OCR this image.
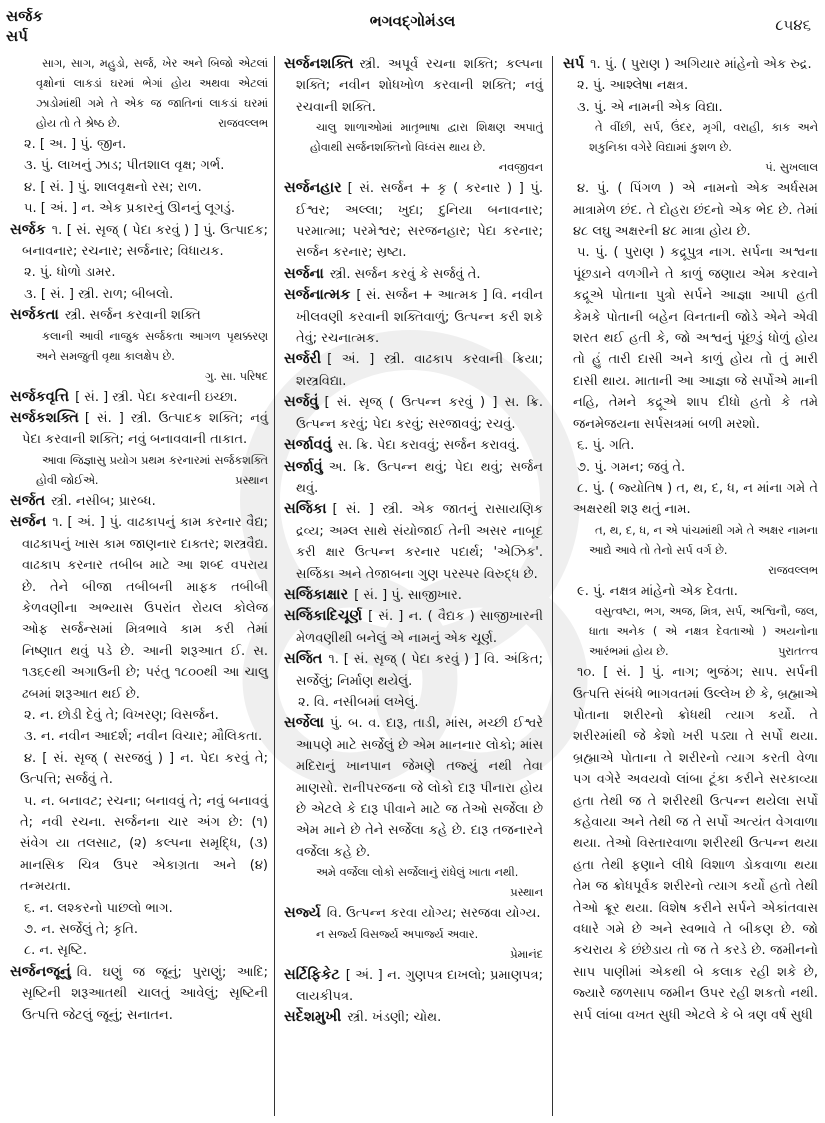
સર્જક
સર્પ
ભગવદ્ગોમંડલ	૮૫૪૬
સાગ, સાગ, મહુડો, સર્જ, ખેર અને બિજો એટલાં વૃક્ષોનાં લાકડાં ઘરમાં ભેગાં હોય અથવા એટલાં ઝાડોમાંથી ગમે તે એક જ જાતિનાં લાકડાં ઘરમાં હોય તો તે શ્રેષ્ઠ છે.	રાજવલ્લભ
૨. [ અ. ] પું. જીન.
૩. પું. લાખનું ઝાડ; પીતશાલ વૃક્ષ; ગર્ભ.
૪. [ સં. ] પું. શાલવૃક્ષનો રસ; રાળ.
૫. [ અં. ] ન. એક પ્રકારનું ઊનનું લૂગડું.
સર્જક ૧. [ સં. સૃજ્ ( પેદા કરવું ) ] પું. ઉત્પાદક; બનાવનાર; રચનાર; સર્જનાર; વિધાયક.
૨. પું. ધોળો ડામર.
૩. [ સં. ] સ્ત્રી. રાળ; બીબલો.
સર્જકતા સ્ત્રી. સર્જન કરવાની શક્તિ
કલાની આવી નાજુક સર્જકતા આગળ પૃથક્કરણ અને સમજુતી વૃથા કાલક્ષેપ છે.
ગુ. સા. પરિષદ
સર્જકવૃત્તિ [ સં. ] સ્ત્રી. પેદા કરવાની ઇચ્છા.
સર્જકશક્તિ [ સં. ] સ્ત્રી. ઉત્પાદક શક્તિ; નવું પેદા કરવાની શક્તિ; નવું બનાવવાની તાકાત.
આવા જિજ્ઞાસુ પ્રયોગ પ્રથમ કરનારમાં સર્જકશક્તિ હોવી જોઈએ.	પ્રસ્થાન
સર્જત સ્ત્રી. નસીબ; પ્રારબ્ધ.
સર્જન ૧. [ અં. ] પું. વાઢકાપનું કામ કરનાર વૈદ્ય; વાઢકાપનું ખાસ કામ જાણનાર દાક્તર; શસ્ત્રવૈદ્ય. વાઢકાપ કરનાર તબીબ માટે આ શબ્દ વપરાય છે. તેને બીજા તબીબની માફક તબીબી કેળવણીના અભ્યાસ ઉપરાંત રોયલ કોલેજ ઓફ સર્જન્સમાં મિત્રભાવે કામ કરી તેમાં નિષ્ણાત થવું પડે છે. આની શરૂઆત ઈ. સ. ૧૩૬૯થી અગાઉની છે; પરંતુ ૧૮૦૦થી આ ચાલુ ઢબમાં શરૂઆત થઈ છે.
૨. ન. છોડી દેવું તે; વિખરણ; વિસર્જન.
૩. ન. નવીન આદર્શ; નવીન વિચાર; મૌલિકતા.
૪. [ સં. સૃજ્ ( સરજવું ) ] ન. પેદા કરવું તે; ઉત્પત્તિ; સર્જવું તે.
૫. ન. બનાવટ; રચના; બનાવવું તે; નવું બનાવવું તે; નવી રચના. સર્જનના ચાર અંગ છે: (૧) સંવેગ યા તલસાટ, (૨) કલ્પના સમૃદ્ધિ, (૩) માનસિક ચિત્ર ઉપર એકાગ્રતા અને (૪) તન્મયતા.
૬. ન. લશ્કરનો પાછલો ભાગ.
૭. ન. સર્જેલું તે; કૃતિ.
૮. ન. સૃષ્ટિ.
સર્જનજૂનું વિ. ઘણું જ જૂનું; પુરાણું; આદિ; સૃષ્ટિની શરૂઆતથી ચાલતું આવેલું; સૃષ્ટિની ઉત્પત્તિ જેટલું જૂનું; સનાતન.
સર્જનશક્તિ સ્ત્રી. અપૂર્વ રચના શક્તિ; કલ્પના શક્તિ; નવીન શોધખોળ કરવાની શક્તિ; નવું રચવાની શક્તિ.
ચાલુ શાળાઓમાં માતૃભાષા દ્વારા શિક્ષણ અપાતું હોવાથી સર્જનશક્તિનો વિધ્વંસ થાય છે.
નવજીવન
સર્જનહાર [ સં. સર્જન + કૃ ( કરનાર ) ] પું. ઈશ્વર; અલ્લા; ખુદા; દુનિયા બનાવનાર; પરમાત્મા; પરમેશ્વર; સરજનહાર; પેદા કરનાર; સર્જન કરનાર; સ્રષ્ટા.
સર્જના સ્ત્રી. સર્જન કરવું કે સર્જવું તે.
સર્જનાત્મક [ સં. સર્જન + આત્મક ] વિ. નવીન ખીલવણી કરવાની શક્તિવાળું; ઉત્પન્ન કરી શકે તેવું; રચનાત્મક.
સર્જરી [ અં. ] સ્ત્રી. વાઢકાપ કરવાની ક્રિયા; શસ્ત્રવિદ્યા.
સર્જવું [ સં. સૃજ્ ( ઉત્પન્ન કરવું ) ] સ. ક્રિ. ઉત્પન્ન કરવું; પેદા કરવું; સરજાવવું; રચવું.
સર્જાવવું સ. ક્રિ. પેદા કરાવવું; સર્જન કરાવવું.
સર્જાવું અ. ક્રિ. ઉત્પન્ન થવું; પેદા થવું; સર્જન થવું.
સર્જિકા [ સં. ] સ્ત્રી. એક જાતનું રાસાયણિક દ્રવ્ય; અમ્લ સાથે સંયોજાઈ તેની અસર નાબૂદ કરી ક્ષાર ઉત્પન્ન કરનાર પદાર્થ; 'એઝિક'. સર્જિકા અને તેજાબના ગુણ પરસ્પર વિરુદ્ધ છે.
સર્જિકાક્ષાર [ સં. ] પું. સાજીખાર.
સર્જિકાદિચૂર્ણ [ સં. ] ન. ( વૈદ્યક ) સાજીખારની મેળવણીથી બનેલું એ નામનું એક ચૂર્ણ.
સર્જિત ૧. [ સં. સૃજ્ ( પેદા કરવું ) ] વિ. અંકિત; સર્જેલું; નિર્માણ થયેલું.
૨. વિ. નસીબમાં લખેલું.
સર્જેલા પું. બ. વ. દારૂ, તાડી, માંસ, મચ્છી ઈશ્વરે આપણે માટે સર્જેલું છે એમ માનનાર લોકો; માંસ મદિરાનું ખાનપાન જેમણે તજ્યું નથી તેવા માણસો. રાનીપરજના જે લોકો દારૂ પીનારા હોય છે એટલે કે દારૂ પીવાને માટે જ તેઓ સર્જેલા છે એમ માને છે તેને સર્જેલા કહે છે. દારૂ તજનારને વર્જેલા કહે છે.
અમે વર્જેલા લોકો સર્જેલાનું રાંધેલું ખાતા નથી.
પ્રસ્થાન
સર્જ્ય વિ. ઉત્પન્ન કરવા યોગ્ય; સરજવા યોગ્ય.
ન સર્જ્ય વિસર્જ્ય અપાર્જ્ય અવાર.
પ્રેમાનંદ
સર્ટિફિકેટ [ અં. ] ન. ગુણપત્ર દાખલો; પ્રમાણપત્ર; લાયકીપત્ર.
સર્દેશમુખી સ્ત્રી. ખંડણી; ચોથ.
સર્પ ૧. પું. ( પુરાણ ) અગિયાર માંહેનો એક રુદ્ર.
૨. પું. આશ્લેષા નક્ષત્ર.
૩. પું. એ નામની એક વિદ્યા.
તે વીંછી, સર્પ, ઉંદર, મૃગી, વરાહી, કાક અને શકુનિકા વગેરે વિદ્યામાં કુશળ છે.
પં. સુખલાલ
૪. પું. ( પિંગળ ) એ નામનો એક અર્ધસમ માત્રામેળ છંદ. તે દોહરા છંદનો એક ભેદ છે. તેમાં ૪૮ લઘુ અક્ષરની ૪૮ માત્રા હોય છે.
૫. પું. ( પુરાણ ) કદ્રૂપુત્ર નાગ. સર્પના અશ્વના પૂંછડાને વળગીને તે કાળું જણાય એમ કરવાને કદ્રૂએ પોતાના પુત્રો સર્પને આજ્ઞા આપી હતી કેમકે પોતાની બહેન વિનતાની જોડે એને એવી શરત થઈ હતી કે, જો અશ્વનું પૂંછડું ધોળું હોય તો હું તારી દાસી અને કાળું હોય તો તું મારી દાસી થાય. માતાની આ આજ્ઞા જે સર્પોએ માની નહિ, તેમને કદ્રૂએ શાપ દીધો હતો કે તમે જનમેજયના સર્પસત્રમાં બળી મરશો.
૬. પું. ગતિ.
૭. પું. ગમન; જવું તે.
૮. પું. ( જ્યોતિષ ) ત, થ, દ, ધ, ન માંના ગમે તે અક્ષરથી શરૂ થતું નામ.
ત, થ, દ, ધ, ન એ પાંચમાંથી ગમે તે અક્ષર નામના આદ્યે આવે તો તેનો સર્પ વર્ગ છે.
રાજવલ્લભ
૯. પું. નક્ષત્ર માંહેનો એક દેવતા.
વસુત્વષ્ટા, ભગ, અજ, મિત્ર, સર્પ, અશ્વિનૌ, જલ, ધાતા અનેક ( એ નક્ષત્ર દેવતાઓ ) અયનોના આરંભમાં હોય છે.	પુરાતત્ત્વ
૧૦. [ સં. ] પું. નાગ; ભુજંગ; સાપ. સર્પની ઉત્પત્તિ સંબંધે ભાગવતમાં ઉલ્લેખ છે કે, બ્રહ્માએ પોતાના શરીરનો ક્રોધથી ત્યાગ કર્યો. તે શરીરમાંથી જે કેશો ખરી પડ્યા તે સર્પો થયા. બ્રહ્માએ પોતાના તે શરીરનો ત્યાગ કરતી વેળા પગ વગેરે અવયવો લાંબા ટૂંકા કરીને સરકાવ્યા હતા તેથી જ તે શરીરથી ઉત્પન્ન થયેલા સર્પો કહેવાયા અને તેથી જ તે સર્પો અત્યંત વેગવાળા થયા. તેઓ વિસ્તારવાળા શરીરથી ઉત્પન્ન થયા હતા તેથી ફણાને લીધે વિશાળ ડોકવાળા થયા તેમ જ ક્રોધપૂર્વક શરીરનો ત્યાગ કર્યો હતો તેથી તેઓ ક્રૂર થયા. વિશેષ કરીને સર્પને એકાંતવાસ વધારે ગમે છે અને સ્વભાવે તે બીકણ છે. જો કચરાય કે છંછેડાય તો જ તે કરડે છે. જમીનનો સાપ પાણીમાં એકથી બે કલાક રહી શકે છે, જ્યારે જળસાપ જમીન ઉપર રહી શકતો નથી. સર્પ લાંબા વખત સુધી એટલે કે બે ત્રણ વર્ષ સુધી
